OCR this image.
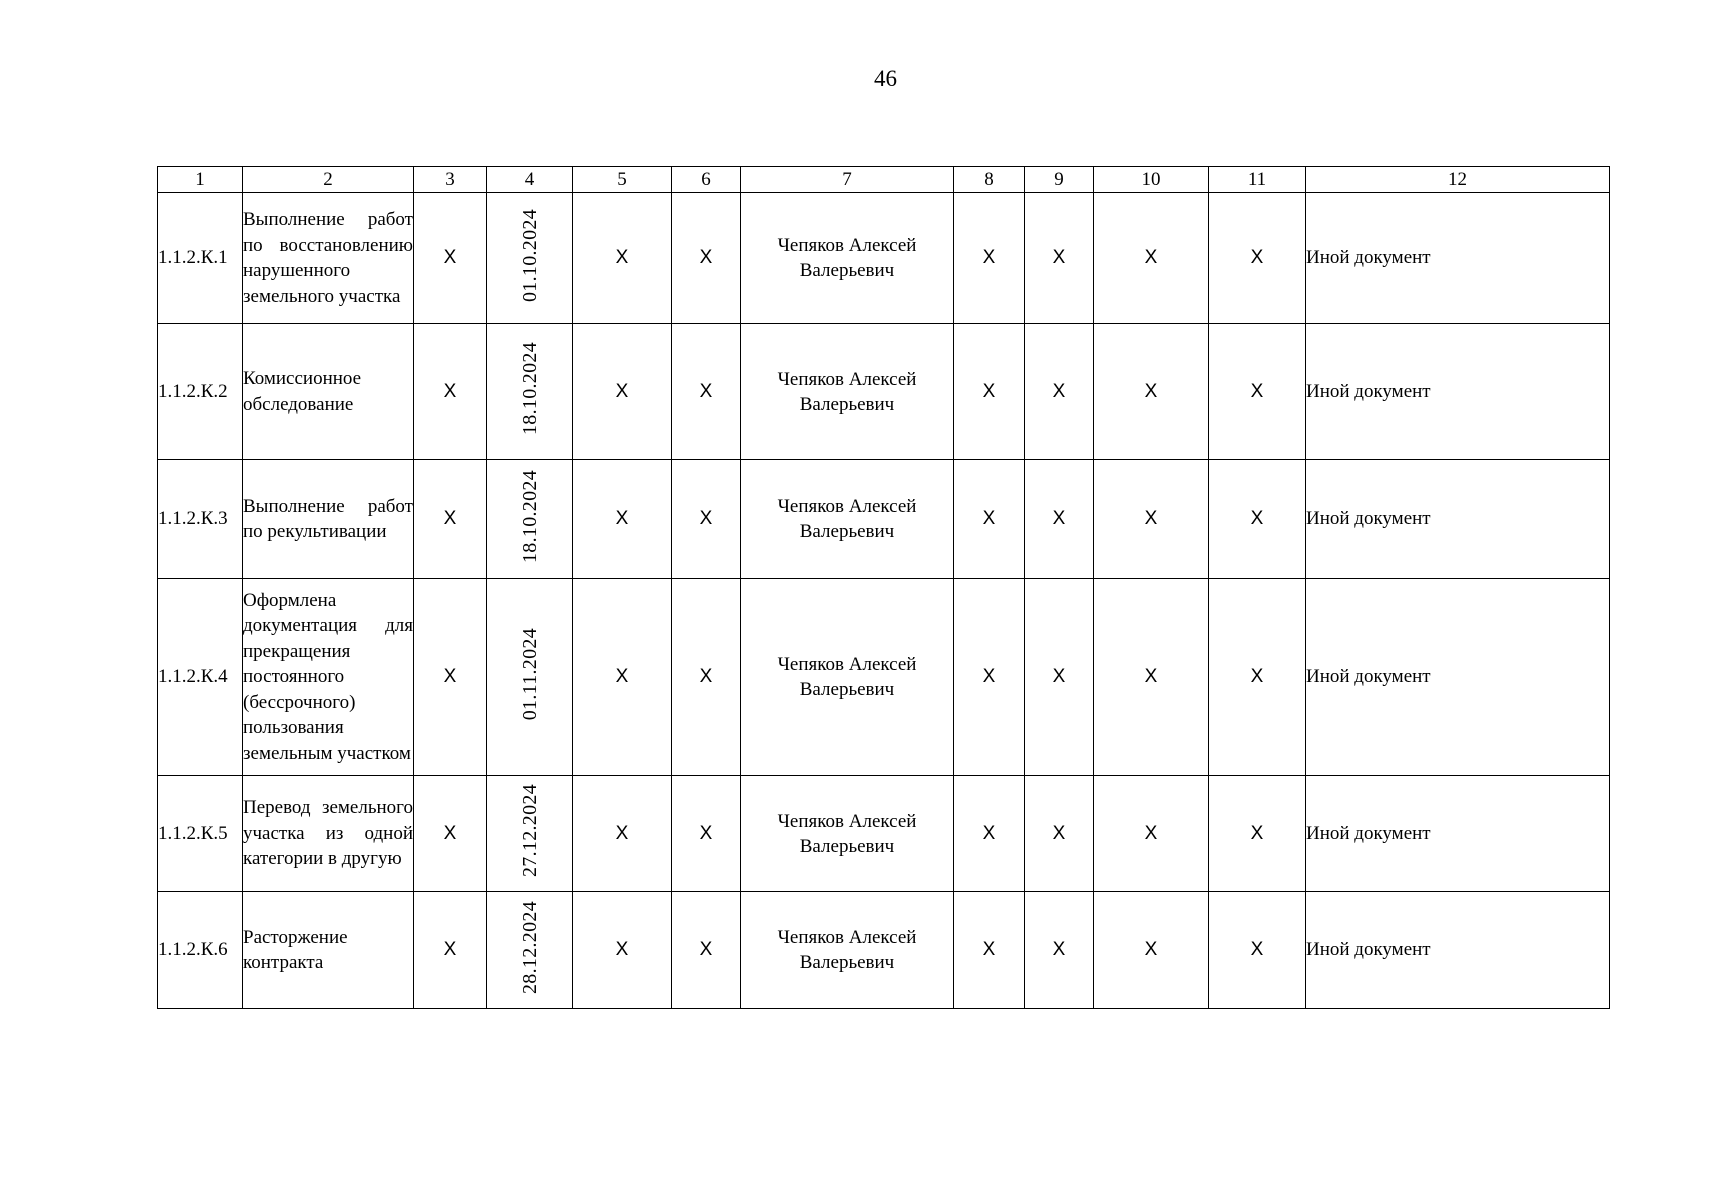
46
1	2	3	4	5	6	7	8	9	10	11	12
1.1.2.К.1	Выполнение работ по восстановлению нарушенного земельного участка	X	01.10.2024	X	X	Чепяков Алексей Валерьевич	X	X	X	X	Иной документ
1.1.2.К.2	Комиссионное обследование	X	18.10.2024	X	X	Чепяков Алексей Валерьевич	X	X	X	X	Иной документ
1.1.2.К.3	Выполнение работ по рекультивации	X	18.10.2024	X	X	Чепяков Алексей Валерьевич	X	X	X	X	Иной документ
1.1.2.К.4	Оформлена документация для прекращения постоянного (бессрочного) пользования земельным участком	X	01.11.2024	X	X	Чепяков Алексей Валерьевич	X	X	X	X	Иной документ
1.1.2.К.5	Перевод земельного участка из одной категории в другую	X	27.12.2024	X	X	Чепяков Алексей Валерьевич	X	X	X	X	Иной документ
1.1.2.К.6	Расторжение контракта	X	28.12.2024	X	X	Чепяков Алексей Валерьевич	X	X	X	X	Иной документ
